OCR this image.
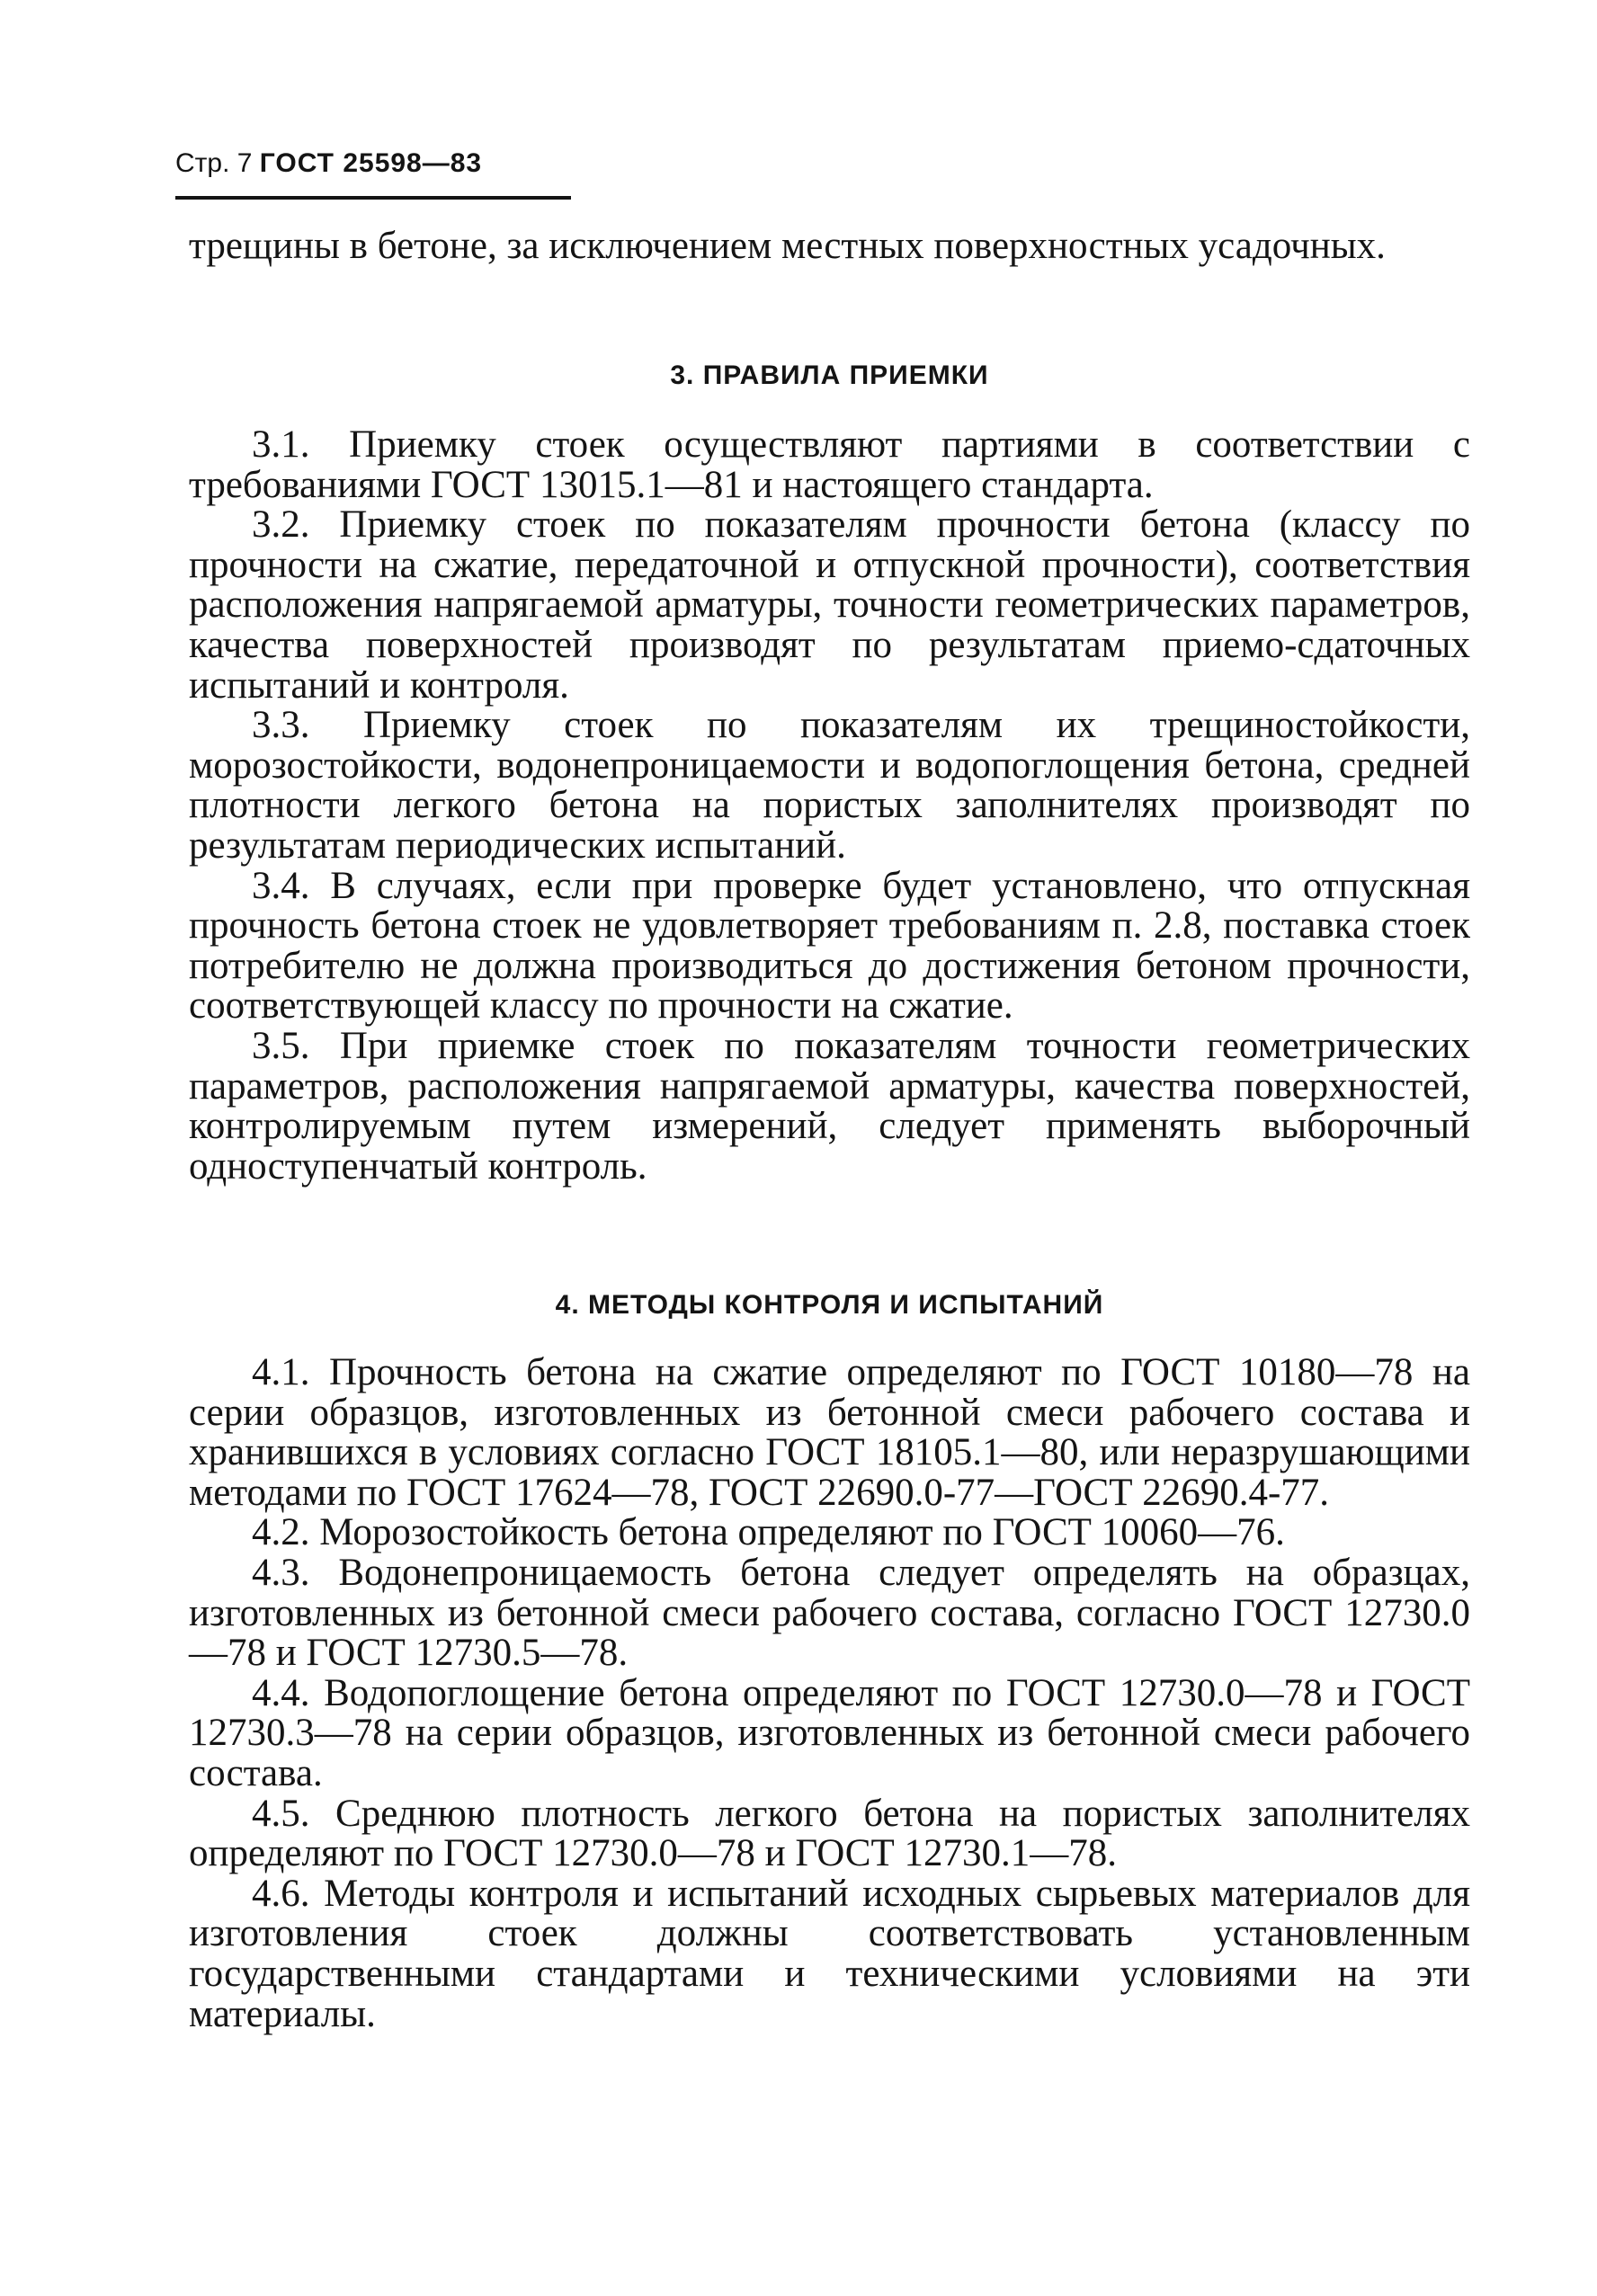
Стр. 7 ГОСТ 25598—83

трещины в бетоне, за исключением местных поверхностных усадочных.

3. ПРАВИЛА ПРИЕМКИ

3.1. Приемку стоек осуществляют партиями в соответствии с требованиями ГОСТ 13015.1—81 и настоящего стандарта.

3.2. Приемку стоек по показателям прочности бетона (классу по прочности на сжатие, передаточной и отпускной прочности), соответствия расположения напрягаемой арматуры, точности геометрических параметров, качества поверхностей производят по результатам приемо-сдаточных испытаний и контроля.

3.3. Приемку стоек по показателям их трещиностойкости, морозостойкости, водонепроницаемости и водопоглощения бетона, средней плотности легкого бетона на пористых заполнителях производят по результатам периодических испытаний.

3.4. В случаях, если при проверке будет установлено, что отпускная прочность бетона стоек не удовлетворяет требованиям п. 2.8, поставка стоек потребителю не должна производиться до достижения бетоном прочности, соответствующей классу по прочности на сжатие.

3.5. При приемке стоек по показателям точности геометрических параметров, расположения напрягаемой арматуры, качества поверхностей, контролируемым путем измерений, следует применять выборочный одноступенчатый контроль.

4. МЕТОДЫ КОНТРОЛЯ И ИСПЫТАНИЙ

4.1. Прочность бетона на сжатие определяют по ГОСТ 10180—78 на серии образцов, изготовленных из бетонной смеси рабочего состава и хранившихся в условиях согласно ГОСТ 18105.1—80, или неразрушающими методами по ГОСТ 17624—78, ГОСТ 22690.0-77—ГОСТ 22690.4-77.

4.2. Морозостойкость бетона определяют по ГОСТ 10060—76.

4.3. Водонепроницаемость бетона следует определять на образцах, изготовленных из бетонной смеси рабочего состава, согласно ГОСТ 12730.0—78 и ГОСТ 12730.5—78.

4.4. Водопоглощение бетона определяют по ГОСТ 12730.0—78 и ГОСТ 12730.3—78 на серии образцов, изготовленных из бетонной смеси рабочего состава.

4.5. Среднюю плотность легкого бетона на пористых заполнителях определяют по ГОСТ 12730.0—78 и ГОСТ 12730.1—78.

4.6. Методы контроля и испытаний исходных сырьевых материалов для изготовления стоек должны соответствовать установленным государственными стандартами и техническими условиями на эти материалы.
